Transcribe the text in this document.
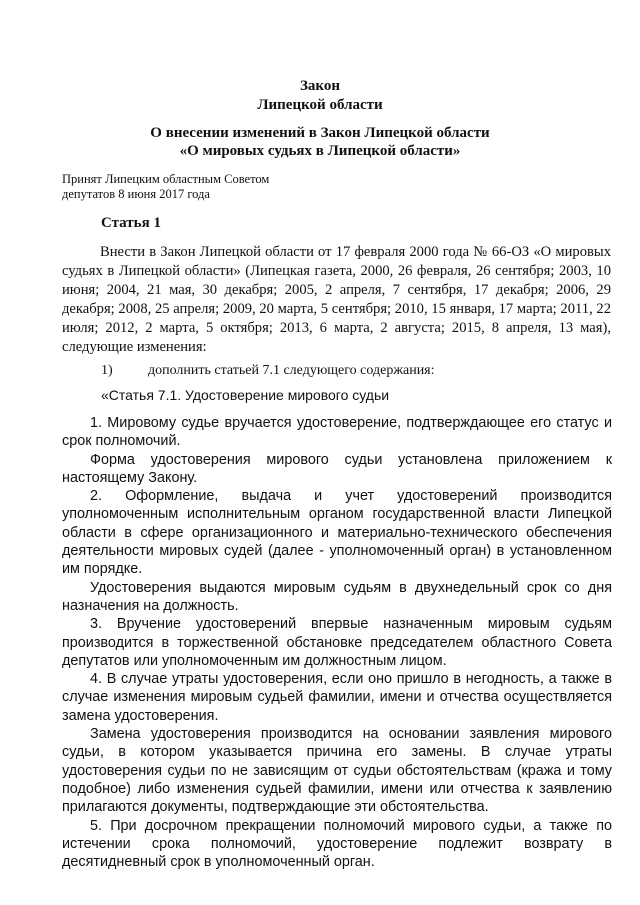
Закон
Липецкой области
О внесении изменений в Закон Липецкой области
«О мировых судьях в Липецкой области»
Принят Липецким областным Советом
депутатов 8 июня 2017 года
Статья 1
Внести в Закон Липецкой области от 17 февраля 2000 года № 66-ОЗ «О мировых судьях в Липецкой области» (Липецкая газета, 2000, 26 февраля, 26 сентября; 2003, 10 июня; 2004, 21 мая, 30 декабря; 2005, 2 апреля, 7 сентября, 17 декабря; 2006, 29 декабря; 2008, 25 апреля; 2009, 20 марта, 5 сентября; 2010, 15 января, 17 марта; 2011, 22 июля; 2012, 2 марта, 5 октября; 2013, 6 марта, 2 августа; 2015, 8 апреля, 13 мая), следующие изменения:
1)	дополнить статьей 7.1 следующего содержания:
«Статья 7.1. Удостоверение мирового судьи

1. Мировому судье вручается удостоверение, подтверждающее его статус и срок полномочий.

Форма удостоверения мирового судьи установлена приложением к настоящему Закону.

2. Оформление, выдача и учет удостоверений производится уполномоченным исполнительным органом государственной власти Липецкой области в сфере организационного и материально-технического обеспечения деятельности мировых судей (далее - уполномоченный орган) в установленном им порядке.

Удостоверения выдаются мировым судьям в двухнедельный срок со дня назначения на должность.

3. Вручение удостоверений впервые назначенным мировым судьям производится в торжественной обстановке председателем областного Совета депутатов или уполномоченным им должностным лицом.

4. В случае утраты удостоверения, если оно пришло в негодность, а также в случае изменения мировым судьей фамилии, имени и отчества осуществляется замена удостоверения.

Замена удостоверения производится на основании заявления мирового судьи, в котором указывается причина его замены. В случае утраты удостоверения судьи по не зависящим от судьи обстоятельствам (кража и тому подобное) либо изменения судьей фамилии, имени или отчества к заявлению прилагаются документы, подтверждающие эти обстоятельства.

5. При досрочном прекращении полномочий мирового судьи, а также по истечении срока полномочий, удостоверение подлежит возврату в десятидневный срок в уполномоченный орган.
